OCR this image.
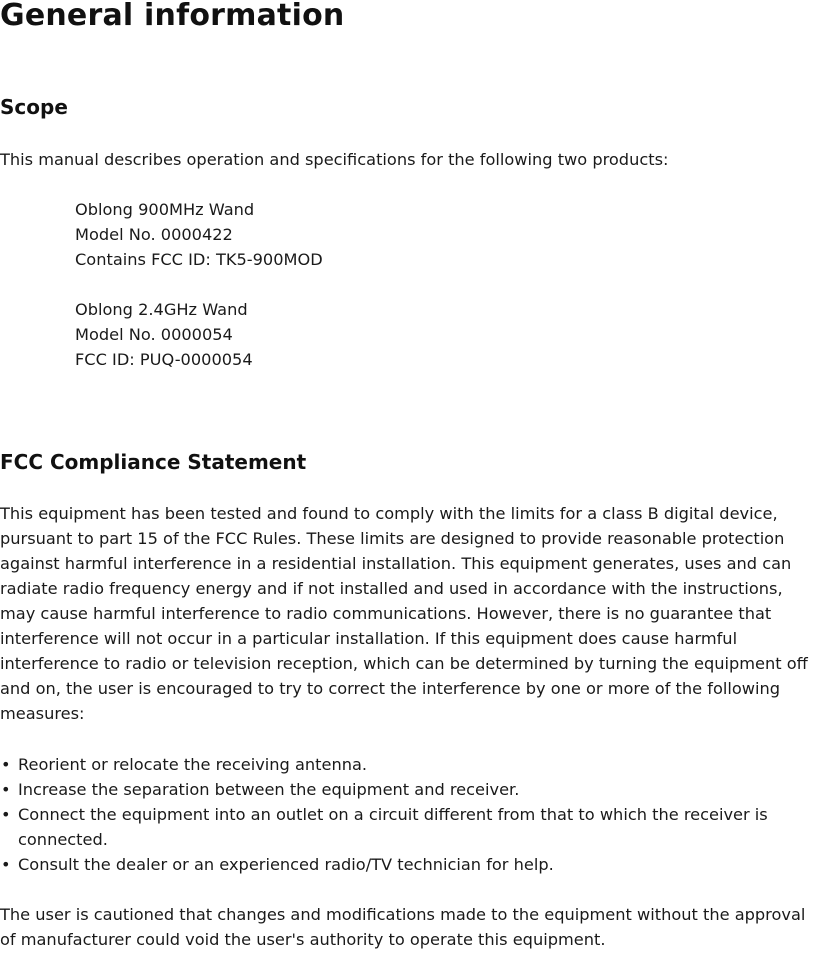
General information
Scope

This manual describes operation and specifications for the following two products:

Oblong 900MHz Wand
Model No. 0000422
Contains FCC ID: TK5-900MOD
Oblong 2.4GHz Wand
Model No. 0000054
FCC ID: PUQ-0000054
FCC Compliance Statement

This equipment has been tested and found to comply with the limits for a class B digital device, pursuant to part 15 of the FCC Rules. These limits are designed to provide reasonable protection against harmful interference in a residential installation. This equipment generates, uses and can radiate radio frequency energy and if not installed and used in accordance with the instructions, may cause harmful interference to radio communications. However, there is no guarantee that interference will not occur in a particular installation. If this equipment does cause harmful interference to radio or television reception, which can be determined by turning the equipment off and on, the user is encouraged to try to correct the interference by one or more of the following measures:

• Reorient or relocate the receiving antenna.
• Increase the separation between the equipment and receiver.
• Connect the equipment into an outlet on a circuit different from that to which the receiver is connected.
• Consult the dealer or an experienced radio/TV technician for help.

The user is cautioned that changes and modifications made to the equipment without the approval of manufacturer could void the user's authority to operate this equipment.
